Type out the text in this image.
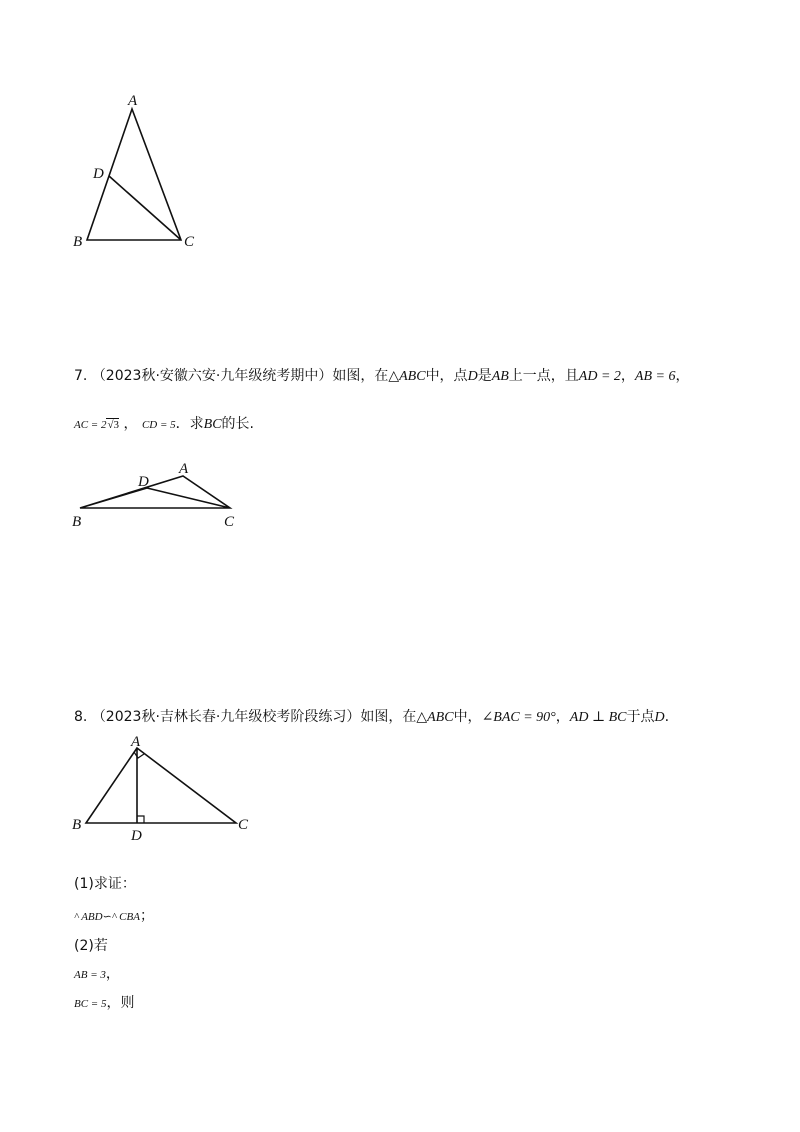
A
D
B	C

7. （2023秋·安徽六安·九年级统考期中）如图，在△ABC中，点D是AB上一点，且AD = 2，AB = 6，

AC = 2√3 ， CD = 5．求BC的长.

A
D
B	C

8. （2023秋·吉林长春·九年级校考阶段练习）如图，在△ABC中，∠BAC = 90°，AD ⊥ BC于点D.

A
B	C
D

(1)求证：

^ ABD∽^ CBA；

(2)若

AB = 3，

BC = 5，则
